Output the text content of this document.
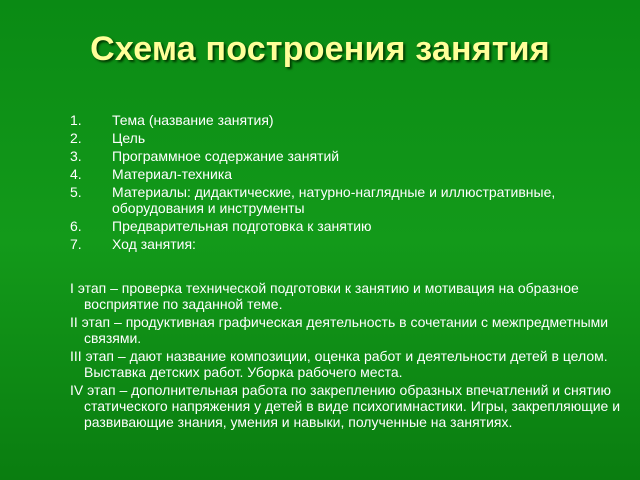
Схема построения занятия
1. Тема (название занятия)
2. Цель
3. Программное содержание занятий
4. Материал-техника
5. Материалы: дидактические, натурно-наглядные и иллюстративные, оборудования и инструменты
6. Предварительная подготовка к занятию
7. Ход занятия:
I этап – проверка технической подготовки к занятию и мотивация на образное восприятие по заданной теме.
II этап – продуктивная графическая деятельность в сочетании с межпредметными связями.
III этап – дают название композиции, оценка работ и деятельности детей в целом. Выставка детских работ. Уборка рабочего места.
IV этап – дополнительная работа по закреплению образных впечатлений и снятию статического напряжения у детей в виде психогимнастики. Игры, закрепляющие и развивающие знания, умения и навыки, полученные на занятиях.
